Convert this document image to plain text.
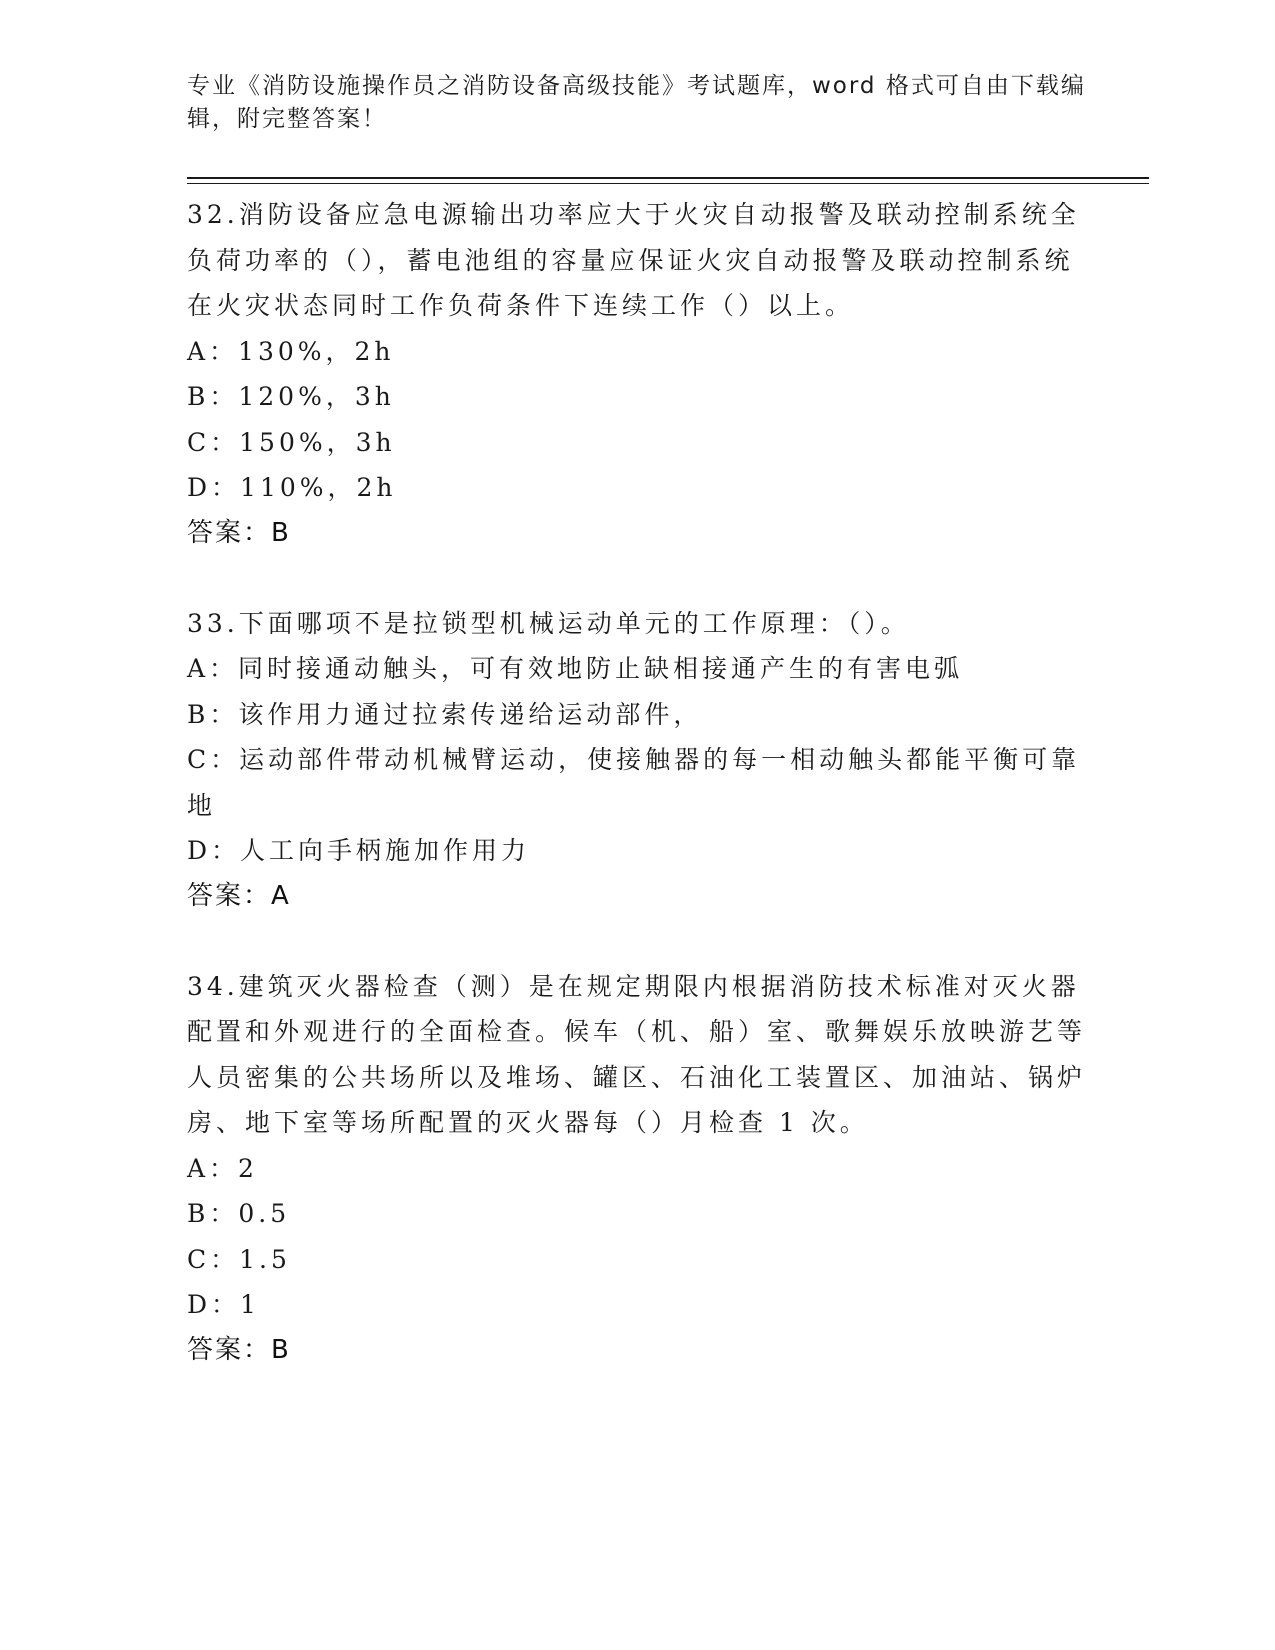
专业《消防设施操作员之消防设备高级技能》考试题库，word 格式可自由下载编辑，附完整答案！
32.消防设备应急电源输出功率应大于火灾自动报警及联动控制系统全负荷功率的（），蓄电池组的容量应保证火灾自动报警及联动控制系统在火灾状态同时工作负荷条件下连续工作（）以上。
A：130%，2h
B：120%，3h
C：150%，3h
D：110%，2h
答案：B
33.下面哪项不是拉锁型机械运动单元的工作原理：（）。
A：同时接通动触头，可有效地防止缺相接通产生的有害电弧
B：该作用力通过拉索传递给运动部件，
C：运动部件带动机械臂运动，使接触器的每一相动触头都能平衡可靠地
D：人工向手柄施加作用力
答案：A
34.建筑灭火器检查（测）是在规定期限内根据消防技术标准对灭火器配置和外观进行的全面检查。候车（机、船）室、歌舞娱乐放映游艺等人员密集的公共场所以及堆场、罐区、石油化工装置区、加油站、锅炉房、地下室等场所配置的灭火器每（）月检查 1 次。
A：2
B：0.5
C：1.5
D：1
答案：B
